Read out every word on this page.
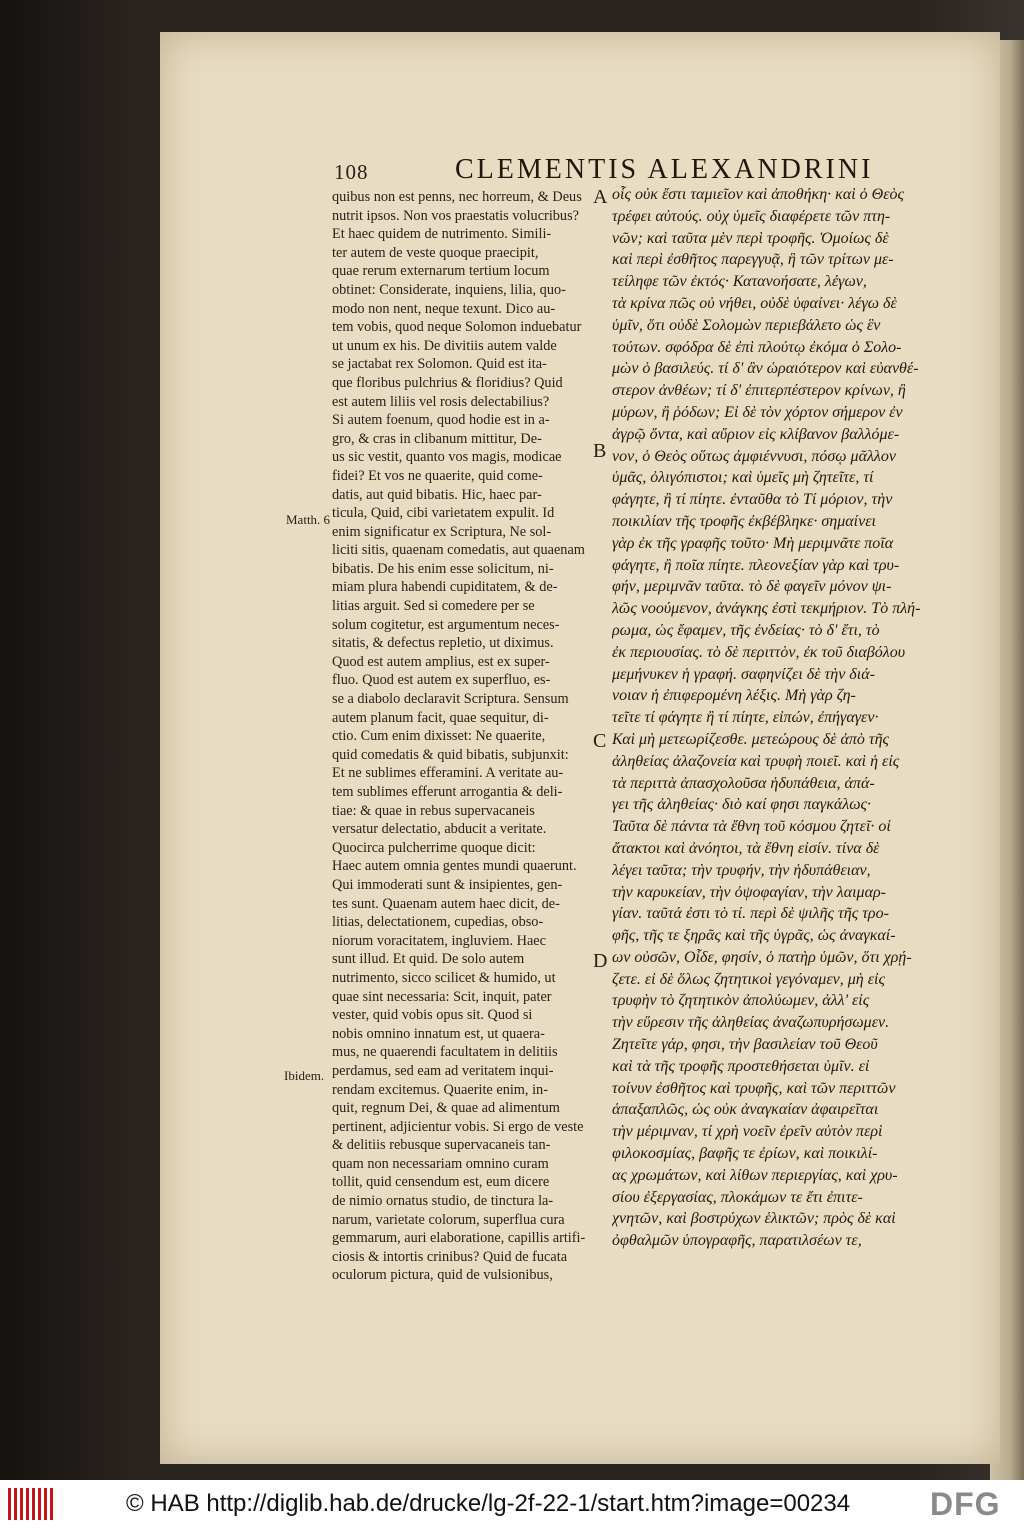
108	CLEMENTIS ALEXANDRINI
quibus non est penns, nec horreum, & Deus
nutrit ipsos. Non vos praestatis volucribus?
Et haec quidem de nutrimento. Simili-
ter autem de veste quoque praecipit,
quae rerum externarum tertium locum
obtinet: Considerate, inquiens, lilia, quo-
modo non nent, neque texunt. Dico au-
tem vobis, quod neque Solomon induebatur
ut unum ex his. De divitiis autem valde
se jactabat rex Solomon. Quid est ita-
que floribus pulchrius & floridius? Quid
est autem liliis vel rosis delectabilius?
Si autem foenum, quod hodie est in a-
gro, & cras in clibanum mittitur, De-
us sic vestit, quanto vos magis, modicae
fidei? Et vos ne quaerite, quid come-
datis, aut quid bibatis. Hic, haec par-
ticula, Quid, cibi varietatem expulit. Id
enim significatur ex Scriptura, Ne sol-
liciti sitis, quaenam comedatis, aut quaenam
bibatis. De his enim esse solicitum, ni-
miam plura habendi cupiditatem, & de-
litias arguit. Sed si comedere per se
solum cogitetur, est argumentum neces-
sitatis, & defectus repletio, ut diximus.
Quod est autem amplius, est ex super-
fluo. Quod est autem ex superfluo, es-
se a diabolo declaravit Scriptura. Sensum
autem planum facit, quae sequitur, di-
ctio. Cum enim dixisset: Ne quaerite,
quid comedatis & quid bibatis, subjunxit:
Et ne sublimes efferamini. A veritate au-
tem sublimes efferunt arrogantia & deli-
tiae: & quae in rebus supervacaneis
versatur delectatio, abducit a veritate.
Quocirca pulcherrime quoque dicit:
Haec autem omnia gentes mundi quaerunt.
Qui immoderati sunt & insipientes, gen-
tes sunt. Quaenam autem haec dicit, de-
litias, delectationem, cupedias, obso-
niorum voracitatem, ingluviem. Haec
sunt illud. Et quid. De solo autem
nutrimento, sicco scilicet & humido, ut
quae sint necessaria: Scit, inquit, pater
vester, quid vobis opus sit. Quod si
nobis omnino innatum est, ut quaera-
mus, ne quaerendi facultatem in delitiis
perdamus, sed eam ad veritatem inqui-
rendam excitemus. Quaerite enim, in-
quit, regnum Dei, & quae ad alimentum
pertinent, adjicientur vobis. Si ergo de veste
& delitiis rebusque supervacaneis tan-
quam non necessariam omnino curam
tollit, quid censendum est, eum dicere
de nimio ornatus studio, de tinctura la-
narum, varietate colorum, superflua cura
gemmarum, auri elaboratione, capillis artifi-
ciosis & intortis crinibus? Quid de fucata
oculorum pictura, quid de vulsionibus,
οἷς οὐκ ἔστι ταμιεῖον καὶ ἀποθήκη· καὶ ὁ Θεὸς
τρέφει αὐτούς. οὐχ ὑμεῖς διαφέρετε τῶν πτη-
νῶν; καὶ ταῦτα μὲν περὶ τροφῆς. Ὁμοίως δὲ
καὶ περὶ ἐσθῆτος παρεγγυᾷ, ἣ τῶν τρίτων με-
τείληφε τῶν ἐκτός· Κατανοήσατε, λέγων,
τὰ κρίνα πῶς οὐ νήθει, οὐδὲ ὑφαίνει· λέγω δὲ
ὑμῖν, ὅτι οὐδὲ Σολομὼν περιεβάλετο ὡς ἓν
τούτων. σφόδρα δὲ ἐπὶ πλούτῳ ἐκόμα ὁ Σολο-
μὼν ὁ βασιλεύς. τί δ' ἂν ὡραιότερον καὶ εὐανθέ-
στερον ἀνθέων; τί δ' ἐπιτερπέστερον κρίνων, ἢ
μύρων, ἢ ῥόδων; Εἰ δὲ τὸν χόρτον σήμερον ἐν
ἀγρῷ ὄντα, καὶ αὔριον εἰς κλίβανον βαλλόμε-
νον, ὁ Θεὸς οὕτως ἀμφιέννυσι, πόσῳ μᾶλλον
ὑμᾶς, ὀλιγόπιστοι; καὶ ὑμεῖς μὴ ζητεῖτε, τί
φάγητε, ἢ τί πίητε. ἐνταῦθα τὸ Τί μόριον, τὴν
ποικιλίαν τῆς τροφῆς ἐκβέβληκε· σημαίνει
γὰρ ἐκ τῆς γραφῆς τοῦτο· Μὴ μεριμνᾶτε ποῖα
φάγητε, ἢ ποῖα πίητε. πλεονεξίαν γὰρ καὶ τρυ-
φήν, μεριμνᾶν ταῦτα. τὸ δὲ φαγεῖν μόνον ψι-
λῶς νοούμενον, ἀνάγκης ἐστὶ τεκμήριον. Τὸ πλή-
ρωμα, ὡς ἔφαμεν, τῆς ἐνδείας· τὸ δ' ἔτι, τὸ
ἐκ περιουσίας. τὸ δὲ περιττὸν, ἐκ τοῦ διαβόλου
μεμήνυκεν ἡ γραφή. σαφηνίζει δὲ τὴν διά-
νοιαν ἡ ἐπιφερομένη λέξις. Μὴ γὰρ ζη-
τεῖτε τί φάγητε ἢ τί πίητε, εἰπών, ἐπήγαγεν·
Καὶ μὴ μετεωρίζεσθε. μετεώρους δὲ ἀπὸ τῆς
ἀληθείας ἀλαζονεία καὶ τρυφὴ ποιεῖ. καὶ ἡ εἰς
τὰ περιττὰ ἀπασχολοῦσα ἡδυπάθεια, ἀπά-
γει τῆς ἀληθείας· διὸ καί φησι παγκάλως·
Ταῦτα δὲ πάντα τὰ ἔθνη τοῦ κόσμου ζητεῖ· οἱ
ἄτακτοι καὶ ἀνόητοι, τὰ ἔθνη εἰσίν. τίνα δὲ
λέγει ταῦτα; τὴν τρυφήν, τὴν ἡδυπάθειαν,
τὴν καρυκείαν, τὴν ὀψοφαγίαν, τὴν λαιμαρ-
γίαν. ταῦτά ἐστι τὸ τί. περὶ δὲ ψιλῆς τῆς τρο-
φῆς, τῆς τε ξηρᾶς καὶ τῆς ὑγρᾶς, ὡς ἀναγκαί-
ων οὐσῶν, Οἶδε, φησίν, ὁ πατὴρ ὑμῶν, ὅτι χρῄ-
ζετε. εἰ δὲ ὅλως ζητητικοὶ γεγόναμεν, μὴ εἰς
τρυφὴν τὸ ζητητικὸν ἀπολύωμεν, ἀλλ' εἰς
τὴν εὕρεσιν τῆς ἀληθείας ἀναζωπυρήσωμεν.
Ζητεῖτε γάρ, φησι, τὴν βασιλείαν τοῦ Θεοῦ
καὶ τὰ τῆς τροφῆς προστεθήσεται ὑμῖν. εἰ
τοίνυν ἐσθῆτος καὶ τρυφῆς, καὶ τῶν περιττῶν
ἁπαξαπλῶς, ὡς οὐκ ἀναγκαίαν ἀφαιρεῖται
τὴν μέριμναν, τί χρὴ νοεῖν ἐρεῖν αὐτὸν περὶ
φιλοκοσμίας, βαφῆς τε ἐρίων, καὶ ποικιλί-
ας χρωμάτων, καὶ λίθων περιεργίας, καὶ χρυ-
σίου ἐξεργασίας, πλοκάμων τε ἔτι ἐπιτε-
χνητῶν, καὶ βοστρύχων ἑλικτῶν; πρὸς δὲ καὶ
ὀφθαλμῶν ὑπογραφῆς, παρατιλσέων τε,
A
B
C
D
Matth. 6
Ibidem.
© HAB http://diglib.hab.de/drucke/lg-2f-22-1/start.htm?image=00234 DFG
